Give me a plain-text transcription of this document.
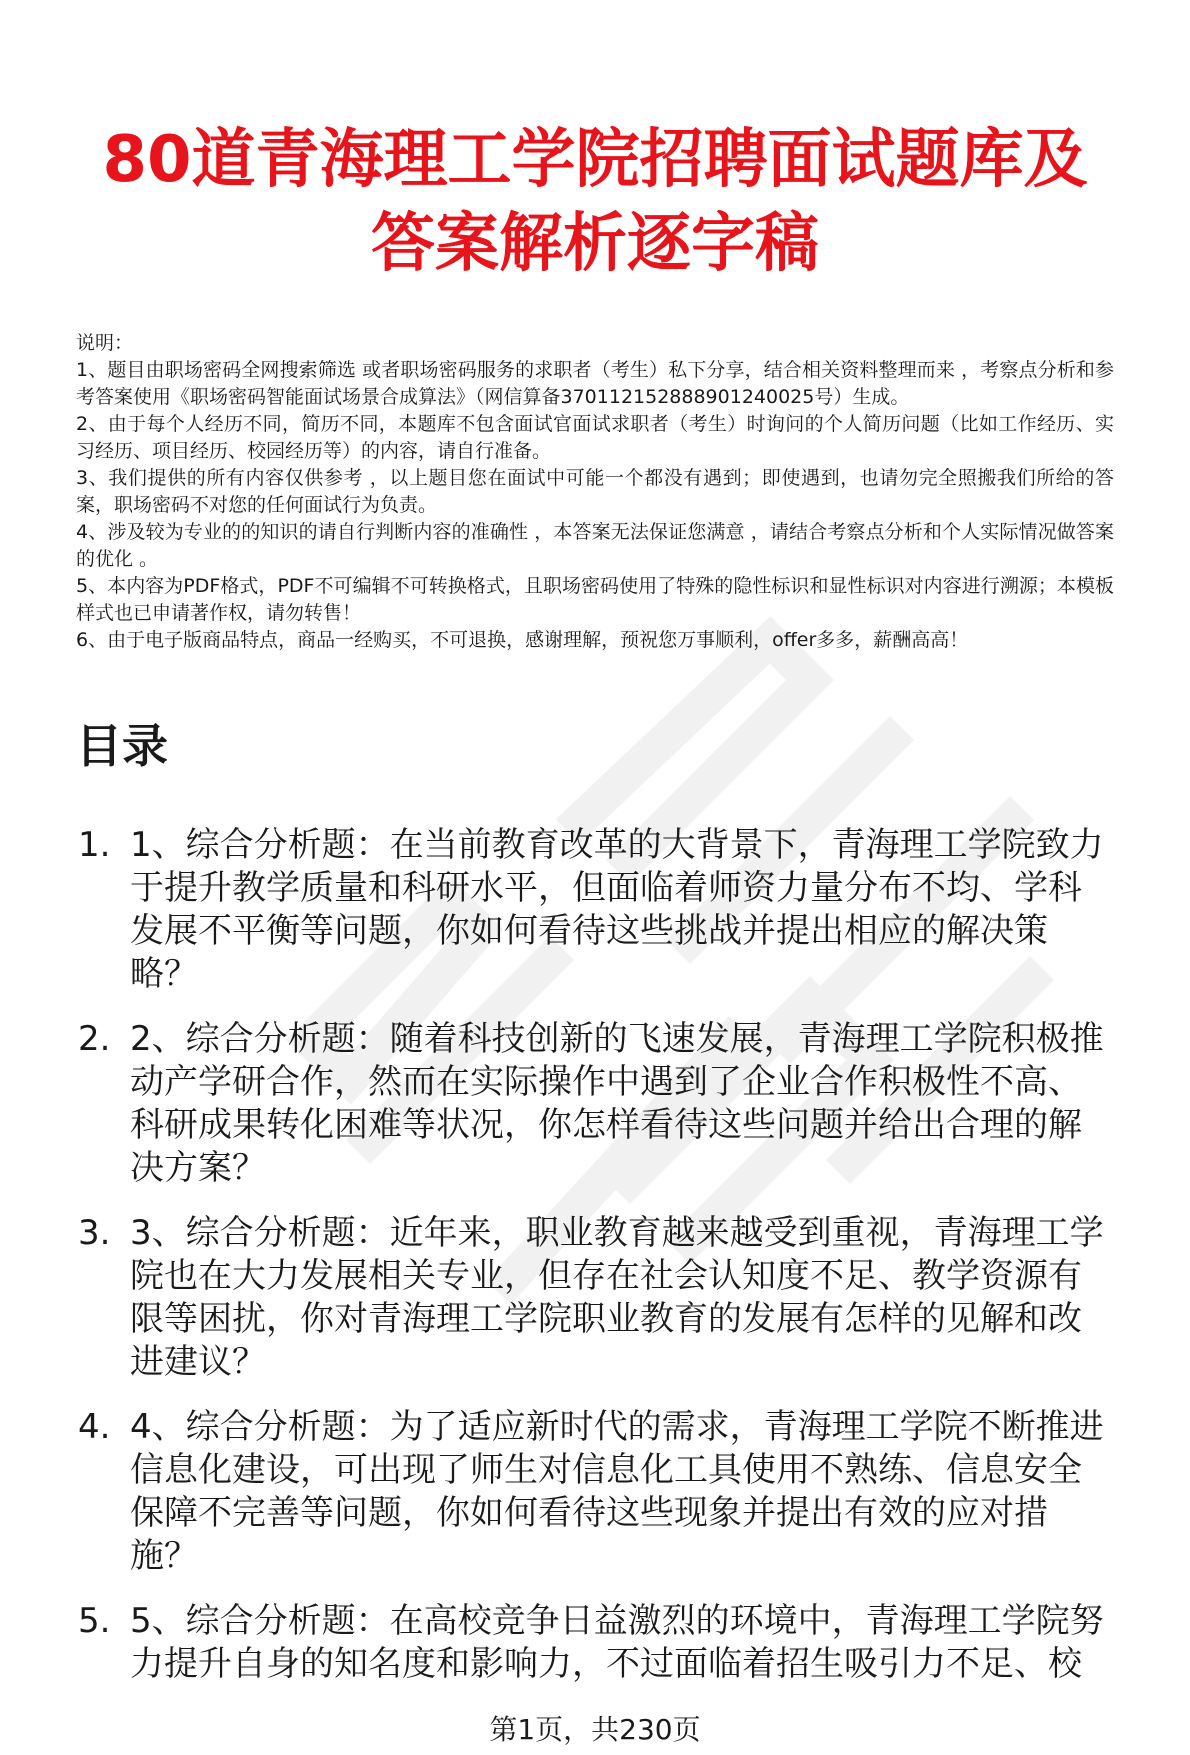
80道青海理工学院招聘面试题库及
答案解析逐字稿
说明：
1、题目由职场密码全网搜索筛选 或者职场密码服务的求职者（考生）私下分享，结合相关资料整理而来 ，考察点分析和参考答案使用《职场密码智能面试场景合成算法》（网信算备370112152888901240025号）生成。
2、由于每个人经历不同，简历不同，本题库不包含面试官面试求职者（考生）时询问的个人简历问题（比如工作经历、实习经历、项目经历、校园经历等）的内容，请自行准备。
3、我们提供的所有内容仅供参考 ，以上题目您在面试中可能一个都没有遇到；即使遇到，也请勿完全照搬我们所给的答案，职场密码不对您的任何面试行为负责。
4、涉及较为专业的的知识的请自行判断内容的准确性 ，本答案无法保证您满意 ，请结合考察点分析和个人实际情况做答案的优化 。
5、本内容为PDF格式，PDF不可编辑不可转换格式，且职场密码使用了特殊的隐性标识和显性标识对内容进行溯源；本模板样式也已申请著作权，请勿转售！
6、由于电子版商品特点，商品一经购买，不可退换，感谢理解，预祝您万事顺利，offer多多，薪酬高高！
目录
1. 1、综合分析题：在当前教育改革的大背景下，青海理工学院致力于提升教学质量和科研水平，但面临着师资力量分布不均、学科发展不平衡等问题，你如何看待这些挑战并提出相应的解决策略？
2. 2、综合分析题：随着科技创新的飞速发展，青海理工学院积极推动产学研合作，然而在实际操作中遇到了企业合作积极性不高、科研成果转化困难等状况，你怎样看待这些问题并给出合理的解决方案？
3. 3、综合分析题：近年来，职业教育越来越受到重视，青海理工学院也在大力发展相关专业，但存在社会认知度不足、教学资源有限等困扰，你对青海理工学院职业教育的发展有怎样的见解和改进建议？
4. 4、综合分析题：为了适应新时代的需求，青海理工学院不断推进信息化建设，可出现了师生对信息化工具使用不熟练、信息安全保障不完善等问题，你如何看待这些现象并提出有效的应对措施？
5. 5、综合分析题：在高校竞争日益激烈的环境中，青海理工学院努力提升自身的知名度和影响力，不过面临着招生吸引力不足、校
第1页，共230页
